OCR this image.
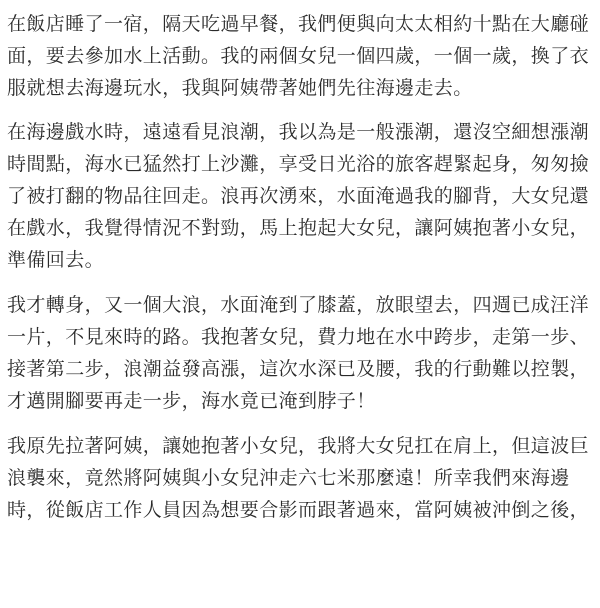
在飯店睡了一宿，隔天吃過早餐，我們便與向太太相約十點在大廳碰
面，要去參加水上活動。我的兩個女兒一個四歲，一個一歲，換了衣
服就想去海邊玩水，我與阿姨帶著她們先往海邊走去。
在海邊戲水時，遠遠看見浪潮，我以為是一般漲潮，還沒空細想漲潮
時間點，海水已猛然打上沙灘，享受日光浴的旅客趕緊起身，匆匆撿
了被打翻的物品往回走。浪再次湧來，水面淹過我的腳背，大女兒還
在戲水，我覺得情況不對勁，馬上抱起大女兒，讓阿姨抱著小女兒，
準備回去。
我才轉身，又一個大浪，水面淹到了膝蓋，放眼望去，四週已成汪洋
一片，不見來時的路。我抱著女兒，費力地在水中跨步，走第一步、
接著第二步，浪潮益發高漲，這次水深已及腰，我的行動難以控製，
才邁開腳要再走一步，海水竟已淹到脖子！
我原先拉著阿姨，讓她抱著小女兒，我將大女兒扛在肩上，但這波巨
浪襲來，竟然將阿姨與小女兒沖走六七米那麼遠！所幸我們來海邊
時，從飯店工作人員因為想要合影而跟著過來，當阿姨被沖倒之後，
